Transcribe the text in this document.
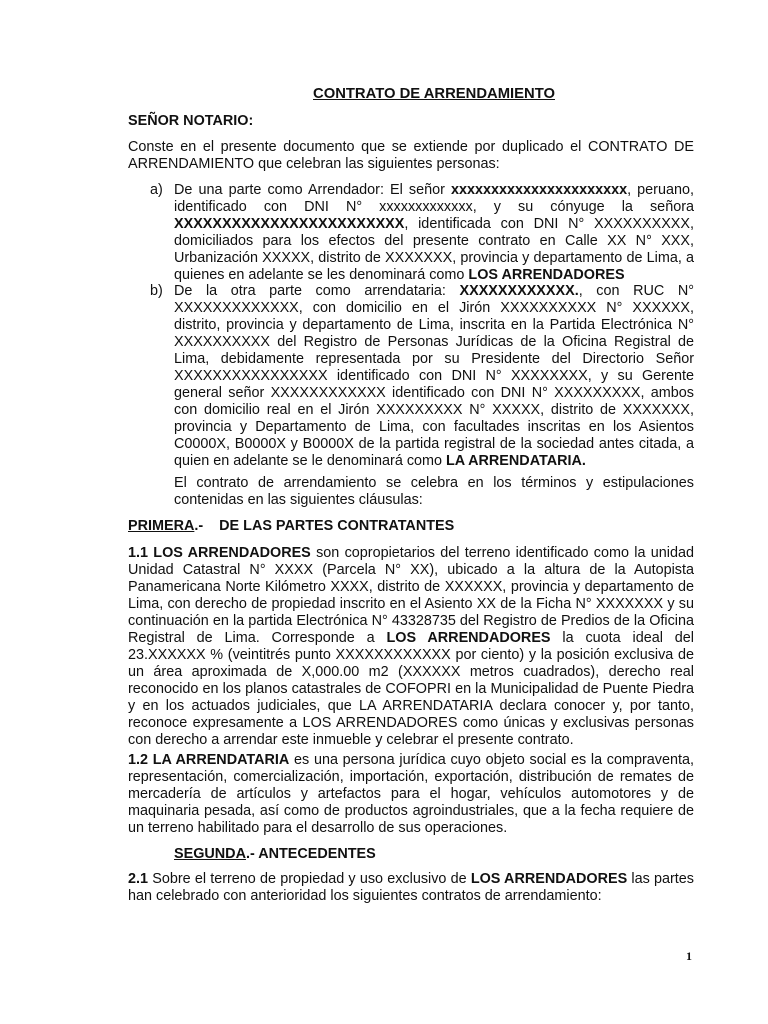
CONTRATO DE ARRENDAMIENTO
SEÑOR NOTARIO:
Conste en el presente documento que se extiende por duplicado el CONTRATO DE ARRENDAMIENTO que celebran las siguientes personas:
a) De una parte como Arrendador: El señor xxxxxxxxxxxxxxxxxxxxxx, peruano, identificado con DNI N° xxxxxxxxxxxxx, y su cónyuge la señora XXXXXXXXXXXXXXXXXXXXXXXX, identificada con DNI N° XXXXXXXXXX, domiciliados para los efectos del presente contrato en Calle XX N° XXX, Urbanización XXXXX, distrito de XXXXXXX, provincia y departamento de Lima, a quienes en adelante se les denominará como LOS ARRENDADORES
b) De la otra parte como arrendataria: XXXXXXXXXXXX., con RUC N° XXXXXXXXXXXXX, con domicilio en el Jirón XXXXXXXXXX N° XXXXXX, distrito, provincia y departamento de Lima, inscrita en la Partida Electrónica N° XXXXXXXXXX del Registro de Personas Jurídicas de la Oficina Registral de Lima, debidamente representada por su Presidente del Directorio Señor XXXXXXXXXXXXXXXX identificado con DNI N° XXXXXXXX, y su Gerente general señor XXXXXXXXXXXX identificado con DNI N° XXXXXXXXX, ambos con domicilio real en el Jirón XXXXXXXXX N° XXXXX, distrito de XXXXXXX, provincia y Departamento de Lima, con facultades inscritas en los Asientos C0000X, B0000X y B0000X de la partida registral de la sociedad antes citada, a quien en adelante se le denominará como LA ARRENDATARIA.
El contrato de arrendamiento se celebra en los términos y estipulaciones contenidas en las siguientes cláusulas:
PRIMERA.-    DE LAS PARTES CONTRATANTES
1.1 LOS ARRENDADORES son copropietarios del terreno identificado como la unidad Unidad Catastral N° XXXX (Parcela N° XX), ubicado a la altura de la Autopista Panamericana Norte Kilómetro XXXX, distrito de XXXXXX, provincia y departamento de Lima, con derecho de propiedad inscrito en el Asiento XX de la Ficha N° XXXXXXX y su continuación en la partida Electrónica N° 43328735 del Registro de Predios de la Oficina Registral de Lima. Corresponde a LOS ARRENDADORES la cuota ideal del 23.XXXXXX % (veintitrés punto XXXXXXXXXXXX por ciento) y la posición exclusiva de un área aproximada de X,000.00 m2 (XXXXXX metros cuadrados), derecho real reconocido en los planos catastrales de COFOPRI en la Municipalidad de Puente Piedra y en los actuados judiciales, que LA ARRENDATARIA declara conocer y, por tanto, reconoce expresamente a LOS ARRENDADORES como únicas y exclusivas personas con derecho a arrendar este inmueble y celebrar el presente contrato.
1.2 LA ARRENDATARIA es una persona jurídica cuyo objeto social es la compraventa, representación, comercialización, importación, exportación, distribución de remates de mercadería de artículos y artefactos para el hogar, vehículos automotores y de maquinaria pesada, así como de productos agroindustriales, que a la fecha requiere de un terreno habilitado para el desarrollo de sus operaciones.
SEGUNDA.- ANTECEDENTES
2.1 Sobre el terreno de propiedad y uso exclusivo de LOS ARRENDADORES las partes han celebrado con anterioridad los siguientes contratos de arrendamiento:
1
